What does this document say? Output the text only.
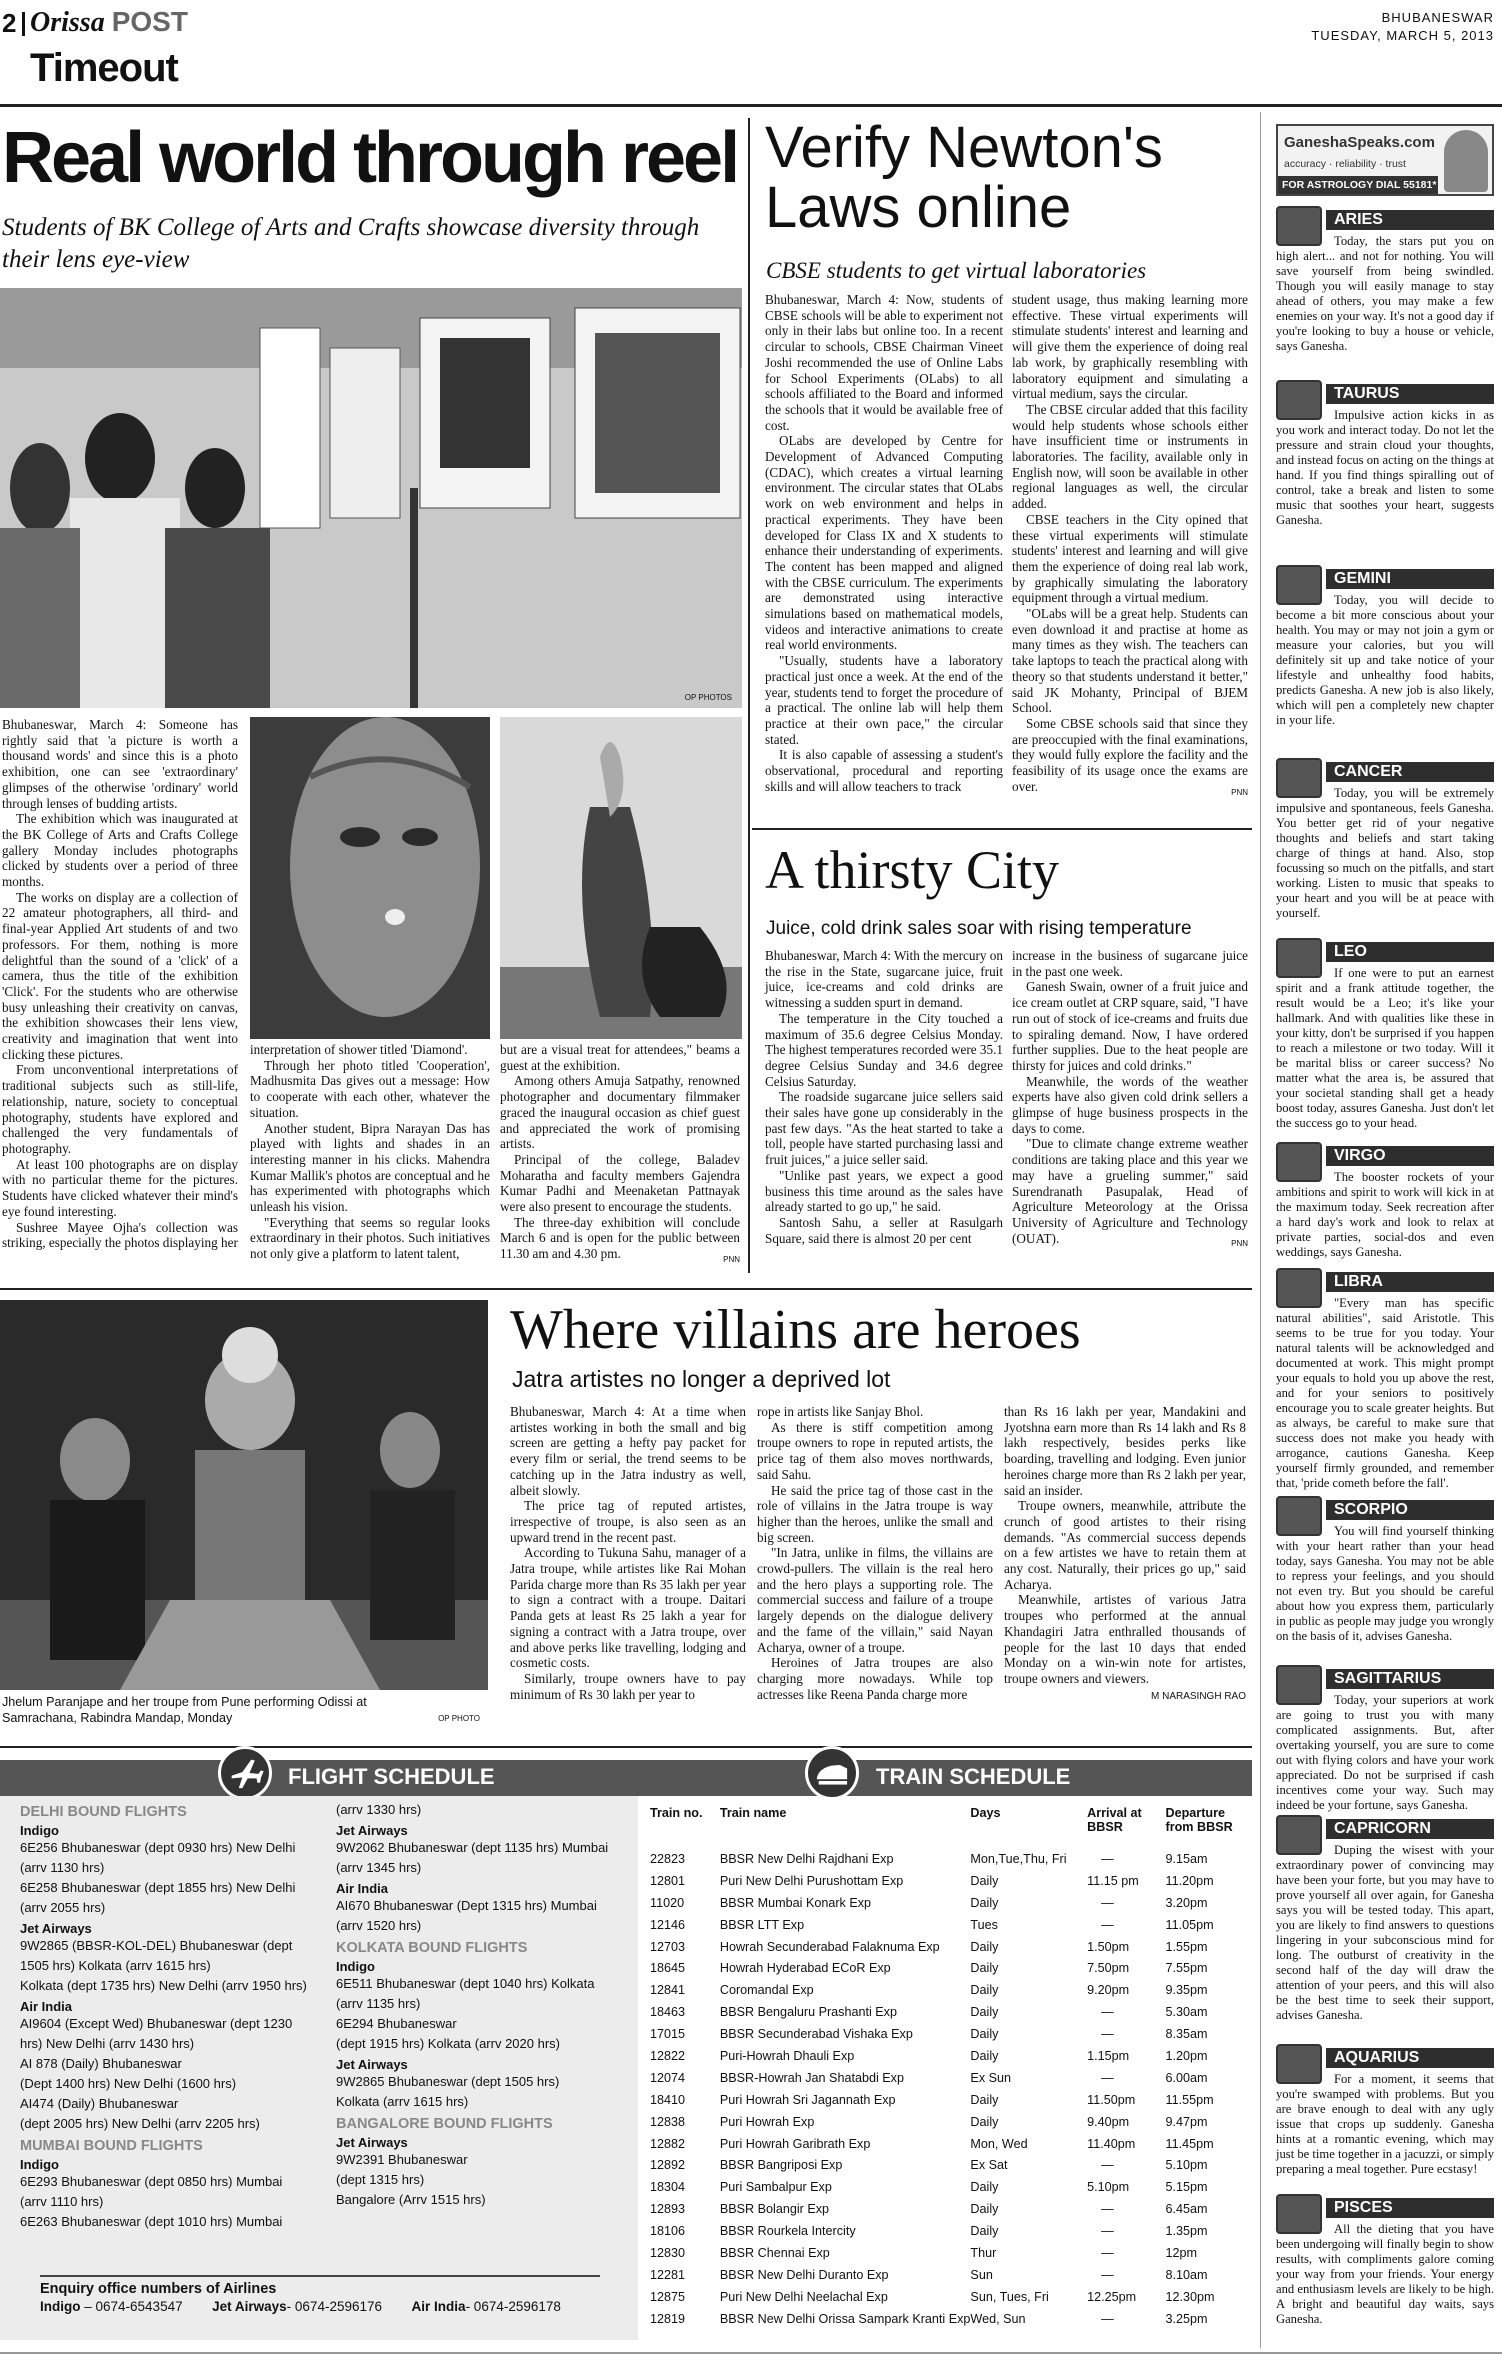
2 Orissa POST
Timeout
BHUBANESWAR
TUESDAY, MARCH 5, 2013
Real world through reel
Students of BK College of Arts and Crafts showcase diversity through their lens eye-view
OP PHOTOS

Bhubaneswar, March 4: Someone has rightly said that 'a picture is worth a thousand words' and since this is a photo exhibition, one can see 'extraordinary' glimpses of the otherwise 'ordinary' world through lenses of budding artists.

The exhibition which was inaugurated at the BK College of Arts and Crafts College gallery Monday includes photographs clicked by students over a period of three months.

The works on display are a collection of 22 amateur photographers, all third- and final-year Applied Art students of and two professors. For them, nothing is more delightful than the sound of a 'click' of a camera, thus the title of the exhibition 'Click'. For the students who are otherwise busy unleashing their creativity on canvas, the exhibition showcases their lens view, creativity and imagination that went into clicking these pictures.

From unconventional interpretations of traditional subjects such as still-life, relationship, nature, society to conceptual photography, students have explored and challenged the very fundamentals of photography.

At least 100 photographs are on display with no particular theme for the pictures. Students have clicked whatever their mind's eye found interesting.

Sushree Mayee Ojha's collection was striking, especially the photos displaying her

interpretation of shower titled 'Diamond'.

Through her photo titled 'Cooperation', Madhusmita Das gives out a message: How to cooperate with each other, whatever the situation.

Another student, Bipra Narayan Das has played with lights and shades in an interesting manner in his clicks. Mahendra Kumar Mallik's photos are conceptual and he has experimented with photographs which unleash his vision.

"Everything that seems so regular looks extraordinary in their photos. Such initiatives not only give a platform to latent talent,

but are a visual treat for attendees," beams a guest at the exhibition.

Among others Amuja Satpathy, renowned photographer and documentary filmmaker graced the inaugural occasion as chief guest and appreciated the work of promising artists.

Principal of the college, Baladev Moharatha and faculty members Gajendra Kumar Padhi and Meenaketan Pattnayak were also present to encourage the students.

The three-day exhibition will conclude March 6 and is open for the public between 11.30 am and 4.30 pm.	PNN
Verify Newton's Laws online
CBSE students to get virtual laboratories

Bhubaneswar, March 4: Now, students of CBSE schools will be able to experiment not only in their labs but online too. In a recent circular to schools, CBSE Chairman Vineet Joshi recommended the use of Online Labs for School Experiments (OLabs) to all schools affiliated to the Board and informed the schools that it would be available free of cost.

OLabs are developed by Centre for Development of Advanced Computing (CDAC), which creates a virtual learning environment. The circular states that OLabs work on web environment and helps in practical experiments. They have been developed for Class IX and X students to enhance their understanding of experiments. The content has been mapped and aligned with the CBSE curriculum. The experiments are demonstrated using interactive simulations based on mathematical models, videos and interactive animations to create real world environments.

"Usually, students have a laboratory practical just once a week. At the end of the year, students tend to forget the procedure of a practical. The online lab will help them practice at their own pace," the circular stated.

It is also capable of assessing a student's observational, procedural and reporting skills and will allow teachers to track

student usage, thus making learning more effective. These virtual experiments will stimulate students' interest and learning and will give them the experience of doing real lab work, by graphically resembling with laboratory equipment and simulating a virtual medium, says the circular.

The CBSE circular added that this facility would help students whose schools either have insufficient time or instruments in laboratories. The facility, available only in English now, will soon be available in other regional languages as well, the circular added.

CBSE teachers in the City opined that these virtual experiments will stimulate students' interest and learning and will give them the experience of doing real lab work, by graphically simulating the laboratory equipment through a virtual medium.

"OLabs will be a great help. Students can even download it and practise at home as many times as they wish. The teachers can take laptops to teach the practical along with theory so that students understand it better," said JK Mohanty, Principal of BJEM School.

Some CBSE schools said that since they are preoccupied with the final examinations, they would fully explore the facility and the feasibility of its usage once the exams are over.	PNN
A thirsty City
Juice, cold drink sales soar with rising temperature

Bhubaneswar, March 4: With the mercury on the rise in the State, sugarcane juice, fruit juice, ice-creams and cold drinks are witnessing a sudden spurt in demand.

The temperature in the City touched a maximum of 35.6 degree Celsius Monday. The highest temperatures recorded were 35.1 degree Celsius Sunday and 34.6 degree Celsius Saturday.

The roadside sugarcane juice sellers said their sales have gone up considerably in the past few days. "As the heat started to take a toll, people have started purchasing lassi and fruit juices," a juice seller said.

"Unlike past years, we expect a good business this time around as the sales have already started to go up," he said.

Santosh Sahu, a seller at Rasulgarh Square, said there is almost 20 per cent

increase in the business of sugarcane juice in the past one week.

Ganesh Swain, owner of a fruit juice and ice cream outlet at CRP square, said, "I have run out of stock of ice-creams and fruits due to spiraling demand. Now, I have ordered further supplies. Due to the heat people are thirsty for juices and cold drinks."

Meanwhile, the words of the weather experts have also given cold drink sellers a glimpse of huge business prospects in the days to come.

"Due to climate change extreme weather conditions are taking place and this year we may have a grueling summer," said Surendranath Pasupalak, Head of Agriculture Meteorology at the Orissa University of Agriculture and Technology (OUAT).	PNN
Jhelum Paranjape and her troupe from Pune performing Odissi at Samrachana, Rabindra Mandap, Monday	OP PHOTO
Where villains are heroes
Jatra artistes no longer a deprived lot

Bhubaneswar, March 4: At a time when artistes working in both the small and big screen are getting a hefty pay packet for every film or serial, the trend seems to be catching up in the Jatra industry as well, albeit slowly.

The price tag of reputed artistes, irrespective of troupe, is also seen as an upward trend in the recent past.

According to Tukuna Sahu, manager of a Jatra troupe, while artistes like Rai Mohan Parida charge more than Rs 35 lakh per year to sign a contract with a troupe. Daitari Panda gets at least Rs 25 lakh a year for signing a contract with a Jatra troupe, over and above perks like travelling, lodging and cosmetic costs.

Similarly, troupe owners have to pay minimum of Rs 30 lakh per year to

rope in artists like Sanjay Bhol.

As there is stiff competition among troupe owners to rope in reputed artists, the price tag of them also moves northwards, said Sahu.

He said the price tag of those cast in the role of villains in the Jatra troupe is way higher than the heroes, unlike the small and big screen.

"In Jatra, unlike in films, the villains are crowd-pullers. The villain is the real hero and the hero plays a supporting role. The commercial success and failure of a troupe largely depends on the dialogue delivery and the fame of the villain," said Nayan Acharya, owner of a troupe.

Heroines of Jatra troupes are also charging more nowadays. While top actresses like Reena Panda charge more

than Rs 16 lakh per year, Mandakini and Jyotshna earn more than Rs 14 lakh and Rs 8 lakh respectively, besides perks like boarding, travelling and lodging. Even junior heroines charge more than Rs 2 lakh per year, said an insider.

Troupe owners, meanwhile, attribute the crunch of good artistes to their rising demands. "As commercial success depends on a few artistes we have to retain them at any cost. Naturally, their prices go up," said Acharya.

Meanwhile, artistes of various Jatra troupes who performed at the annual Khandagiri Jatra enthralled thousands of people for the last 10 days that ended Monday on a win-win note for artistes, troupe owners and viewers.

M NARASINGH RAO
GaneshaSpeaks.com
accuracy · reliability · trust
FOR ASTROLOGY DIAL 55181*
ARIES
Today, the stars put you on high alert... and not for nothing. You will save yourself from being swindled. Though you will easily manage to stay ahead of others, you may make a few enemies on your way. It's not a good day if you're looking to buy a house or vehicle, says Ganesha.
TAURUS
Impulsive action kicks in as you work and interact today. Do not let the pressure and strain cloud your thoughts, and instead focus on acting on the things at hand. If you find things spiralling out of control, take a break and listen to some music that soothes your heart, suggests Ganesha.
GEMINI
Today, you will decide to become a bit more conscious about your health. You may or may not join a gym or measure your calories, but you will definitely sit up and take notice of your lifestyle and unhealthy food habits, predicts Ganesha. A new job is also likely, which will pen a completely new chapter in your life.
CANCER
Today, you will be extremely impulsive and spontaneous, feels Ganesha. You better get rid of your negative thoughts and beliefs and start taking charge of things at hand. Also, stop focussing so much on the pitfalls, and start working. Listen to music that speaks to your heart and you will be at peace with yourself.
LEO
If one were to put an earnest spirit and a frank attitude together, the result would be a Leo; it's like your hallmark. And with qualities like these in your kitty, don't be surprised if you happen to reach a milestone or two today. Will it be marital bliss or career success? No matter what the area is, be assured that your societal standing shall get a heady boost today, assures Ganesha. Just don't let the success go to your head.
VIRGO
The booster rockets of your ambitions and spirit to work will kick in at the maximum today. Seek recreation after a hard day's work and look to relax at private parties, social-dos and even weddings, says Ganesha.
LIBRA
"Every man has specific natural abilities", said Aristotle. This seems to be true for you today. Your natural talents will be acknowledged and documented at work. This might prompt your equals to hold you up above the rest, and for your seniors to positively encourage you to scale greater heights. But as always, be careful to make sure that success does not make you heady with arrogance, cautions Ganesha. Keep yourself firmly grounded, and remember that, 'pride cometh before the fall'.
SCORPIO
You will find yourself thinking with your heart rather than your head today, says Ganesha. You may not be able to repress your feelings, and you should not even try. But you should be careful about how you express them, particularly in public as people may judge you wrongly on the basis of it, advises Ganesha.
SAGITTARIUS
Today, your superiors at work are going to trust you with many complicated assignments. But, after overtaking yourself, you are sure to come out with flying colors and have your work appreciated. Do not be surprised if cash incentives come your way. Such may indeed be your fortune, says Ganesha.
CAPRICORN
Duping the wisest with your extraordinary power of convincing may have been your forte, but you may have to prove yourself all over again, for Ganesha says you will be tested today. This apart, you are likely to find answers to questions lingering in your subconscious mind for long. The outburst of creativity in the second half of the day will draw the attention of your peers, and this will also be the best time to seek their support, advises Ganesha.
AQUARIUS
For a moment, it seems that you're swamped with problems. But you are brave enough to deal with any ugly issue that crops up suddenly. Ganesha hints at a romantic evening, which may just be time together in a jacuzzi, or simply preparing a meal together. Pure ecstasy!
PISCES
All the dieting that you have been undergoing will finally begin to show results, with compliments galore coming your way from your friends. Your energy and enthusiasm levels are likely to be high. A bright and beautiful day waits, says Ganesha.
FLIGHT SCHEDULE	TRAIN SCHEDULE
DELHI BOUND FLIGHTS
Indigo
6E256 Bhubaneswar (dept 0930 hrs) New Delhi
(arrv 1130 hrs)
6E258 Bhubaneswar (dept 1855 hrs) New Delhi
(arrv 2055 hrs)
Jet Airways
9W2865 (BBSR-KOL-DEL) Bhubaneswar (dept
1505 hrs) Kolkata (arrv 1615 hrs)
Kolkata (dept 1735 hrs) New Delhi (arrv 1950 hrs)
Air India
AI9604 (Except Wed) Bhubaneswar (dept 1230
hrs) New Delhi (arrv 1430 hrs)
AI 878 (Daily) Bhubaneswar
(Dept 1400 hrs) New Delhi (1600 hrs)
AI474 (Daily) Bhubaneswar
(dept 2005 hrs) New Delhi (arrv 2205 hrs)
MUMBAI BOUND FLIGHTS
Indigo
6E293 Bhubaneswar (dept 0850 hrs) Mumbai
(arrv 1110 hrs)
6E263 Bhubaneswar (dept 1010 hrs) Mumbai
(arrv 1330 hrs)
Jet Airways
9W2062 Bhubaneswar (dept 1135 hrs) Mumbai
(arrv 1345 hrs)
Air India
AI670 Bhubaneswar (Dept 1315 hrs) Mumbai
(arrv 1520 hrs)
KOLKATA BOUND FLIGHTS
Indigo
6E511 Bhubaneswar (dept 1040 hrs) Kolkata
(arrv 1135 hrs)
6E294 Bhubaneswar
(dept 1915 hrs) Kolkata (arrv 2020 hrs)
Jet Airways
9W2865 Bhubaneswar (dept 1505 hrs)
Kolkata (arrv 1615 hrs)
BANGALORE BOUND FLIGHTS
Jet Airways
9W2391 Bhubaneswar
(dept 1315 hrs)
Bangalore (Arrv 1515 hrs)
Enquiry office numbers of Airlines
Indigo – 0674-6543547 Jet Airways- 0674-2596176 Air India- 0674-2596178
Train no.	Train name	Days	Arrival at BBSR	Departure from BBSR
22823	BBSR New Delhi Rajdhani Exp	Mon,Tue,Thu, Fri	—	9.15am
12801	Puri New Delhi Purushottam Exp	Daily	11.15 pm	11.20pm
11020	BBSR Mumbai Konark Exp	Daily	—	3.20pm
12146	BBSR LTT Exp	Tues	—	11.05pm
12703	Howrah Secunderabad Falaknuma Exp	Daily	1.50pm	1.55pm
18645	Howrah Hyderabad ECoR Exp	Daily	7.50pm	7.55pm
12841	Coromandal Exp	Daily	9.20pm	9.35pm
18463	BBSR Bengaluru Prashanti Exp	Daily	—	5.30am
17015	BBSR Secunderabad Vishaka Exp	Daily	—	8.35am
12822	Puri-Howrah Dhauli Exp	Daily	1.15pm	1.20pm
12074	BBSR-Howrah Jan Shatabdi Exp	Ex Sun	—	6.00am
18410	Puri Howrah Sri Jagannath Exp	Daily	11.50pm	11.55pm
12838	Puri Howrah Exp	Daily	9.40pm	9.47pm
12882	Puri Howrah Garibrath Exp	Mon, Wed	11.40pm	11.45pm
12892	BBSR Bangriposi Exp	Ex Sat	—	5.10pm
18304	Puri Sambalpur Exp	Daily	5.10pm	5.15pm
12893	BBSR Bolangir Exp	Daily	—	6.45am
18106	BBSR Rourkela Intercity	Daily	—	1.35pm
12830	BBSR Chennai Exp	Thur	—	12pm
12281	BBSR New Delhi Duranto Exp	Sun	—	8.10am
12875	Puri New Delhi Neelachal Exp	Sun, Tues, Fri	12.25pm	12.30pm
12819	BBSR New Delhi Orissa Sampark Kranti Exp	Wed, Sun	—	3.25pm
